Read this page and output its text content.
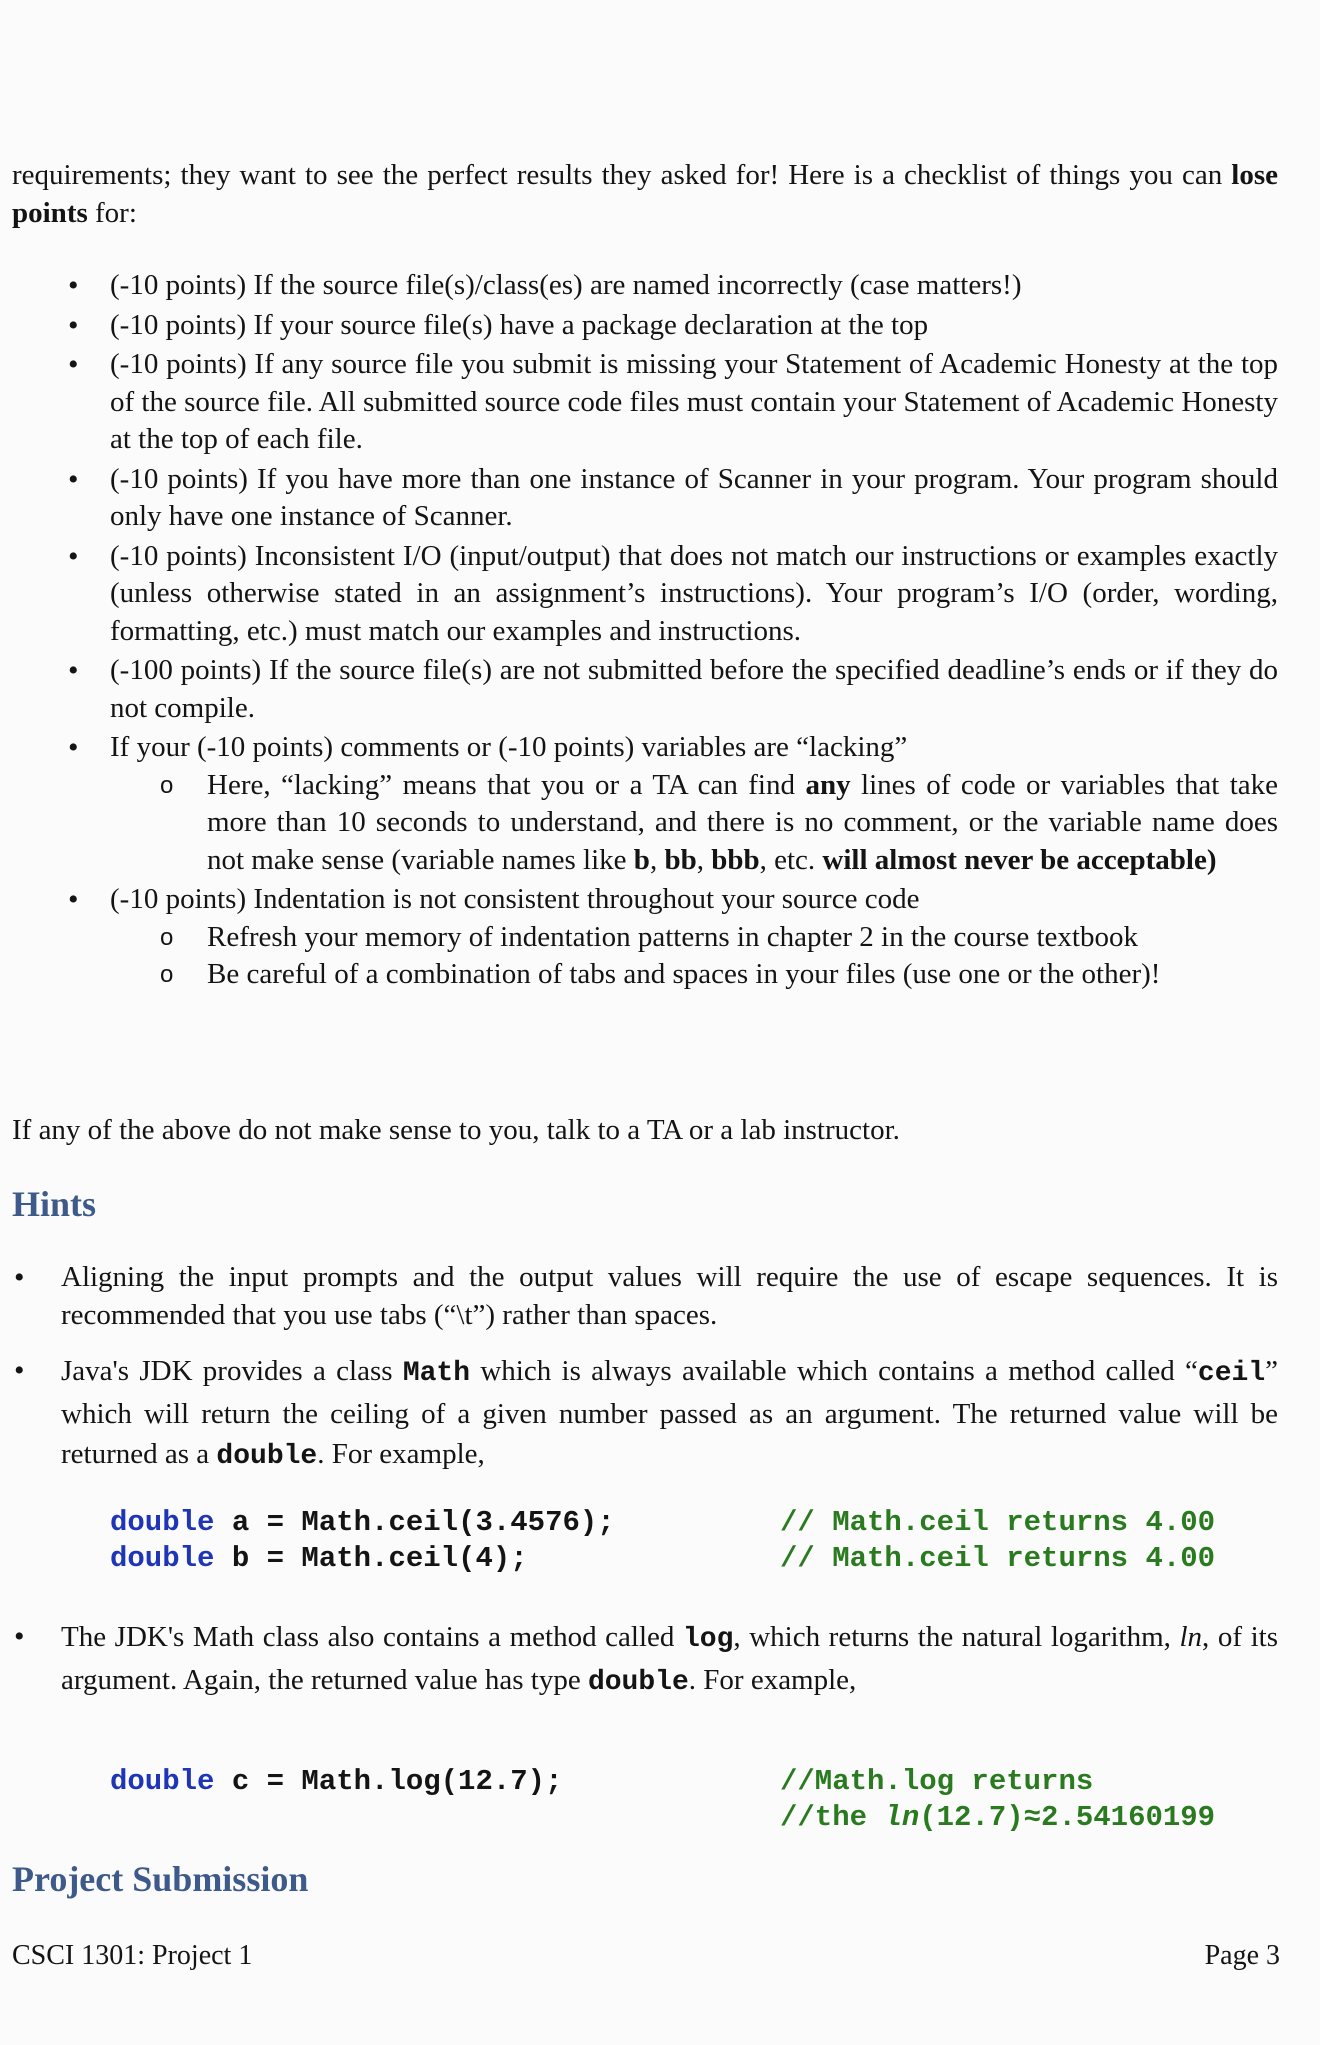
requirements; they want to see the perfect results they asked for! Here is a checklist of things you can lose points for:

• (-10 points) If the source file(s)/class(es) are named incorrectly (case matters!)
• (-10 points) If your source file(s) have a package declaration at the top
• (-10 points) If any source file you submit is missing your Statement of Academic Honesty at the top of the source file. All submitted source code files must contain your Statement of Academic Honesty at the top of each file.
• (-10 points) If you have more than one instance of Scanner in your program. Your program should only have one instance of Scanner.
• (-10 points) Inconsistent I/O (input/output) that does not match our instructions or examples exactly (unless otherwise stated in an assignment’s instructions). Your program’s I/O (order, wording, formatting, etc.) must match our examples and instructions.
• (-100 points) If the source file(s) are not submitted before the specified deadline’s ends or if they do not compile.
• If your (-10 points) comments or (-10 points) variables are “lacking”
o Here, “lacking” means that you or a TA can find any lines of code or variables that take more than 10 seconds to understand, and there is no comment, or the variable name does not make sense (variable names like b, bb, bbb, etc. will almost never be acceptable)
• (-10 points) Indentation is not consistent throughout your source code
o Refresh your memory of indentation patterns in chapter 2 in the course textbook
o Be careful of a combination of tabs and spaces in your files (use one or the other)!

If any of the above do not make sense to you, talk to a TA or a lab instructor.

Hints
• Aligning the input prompts and the output values will require the use of escape sequences. It is recommended that you use tabs (“\t”) rather than spaces.
• Java's JDK provides a class Math which is always available which contains a method called “ceil” which will return the ceiling of a given number passed as an argument. The returned value will be returned as a double. For example,
double a = Math.ceil(3.4576);	// Math.ceil returns 4.00

double b = Math.ceil(4);	// Math.ceil returns 4.00
• The JDK's Math class also contains a method called log, which returns the natural logarithm, ln, of its argument. Again, the returned value has type double. For example,
double c = Math.log(12.7);	//Math.log returns

//the ln(12.7)≈2.54160199
Project Submission
CSCI 1301: Project 1	Page 3
